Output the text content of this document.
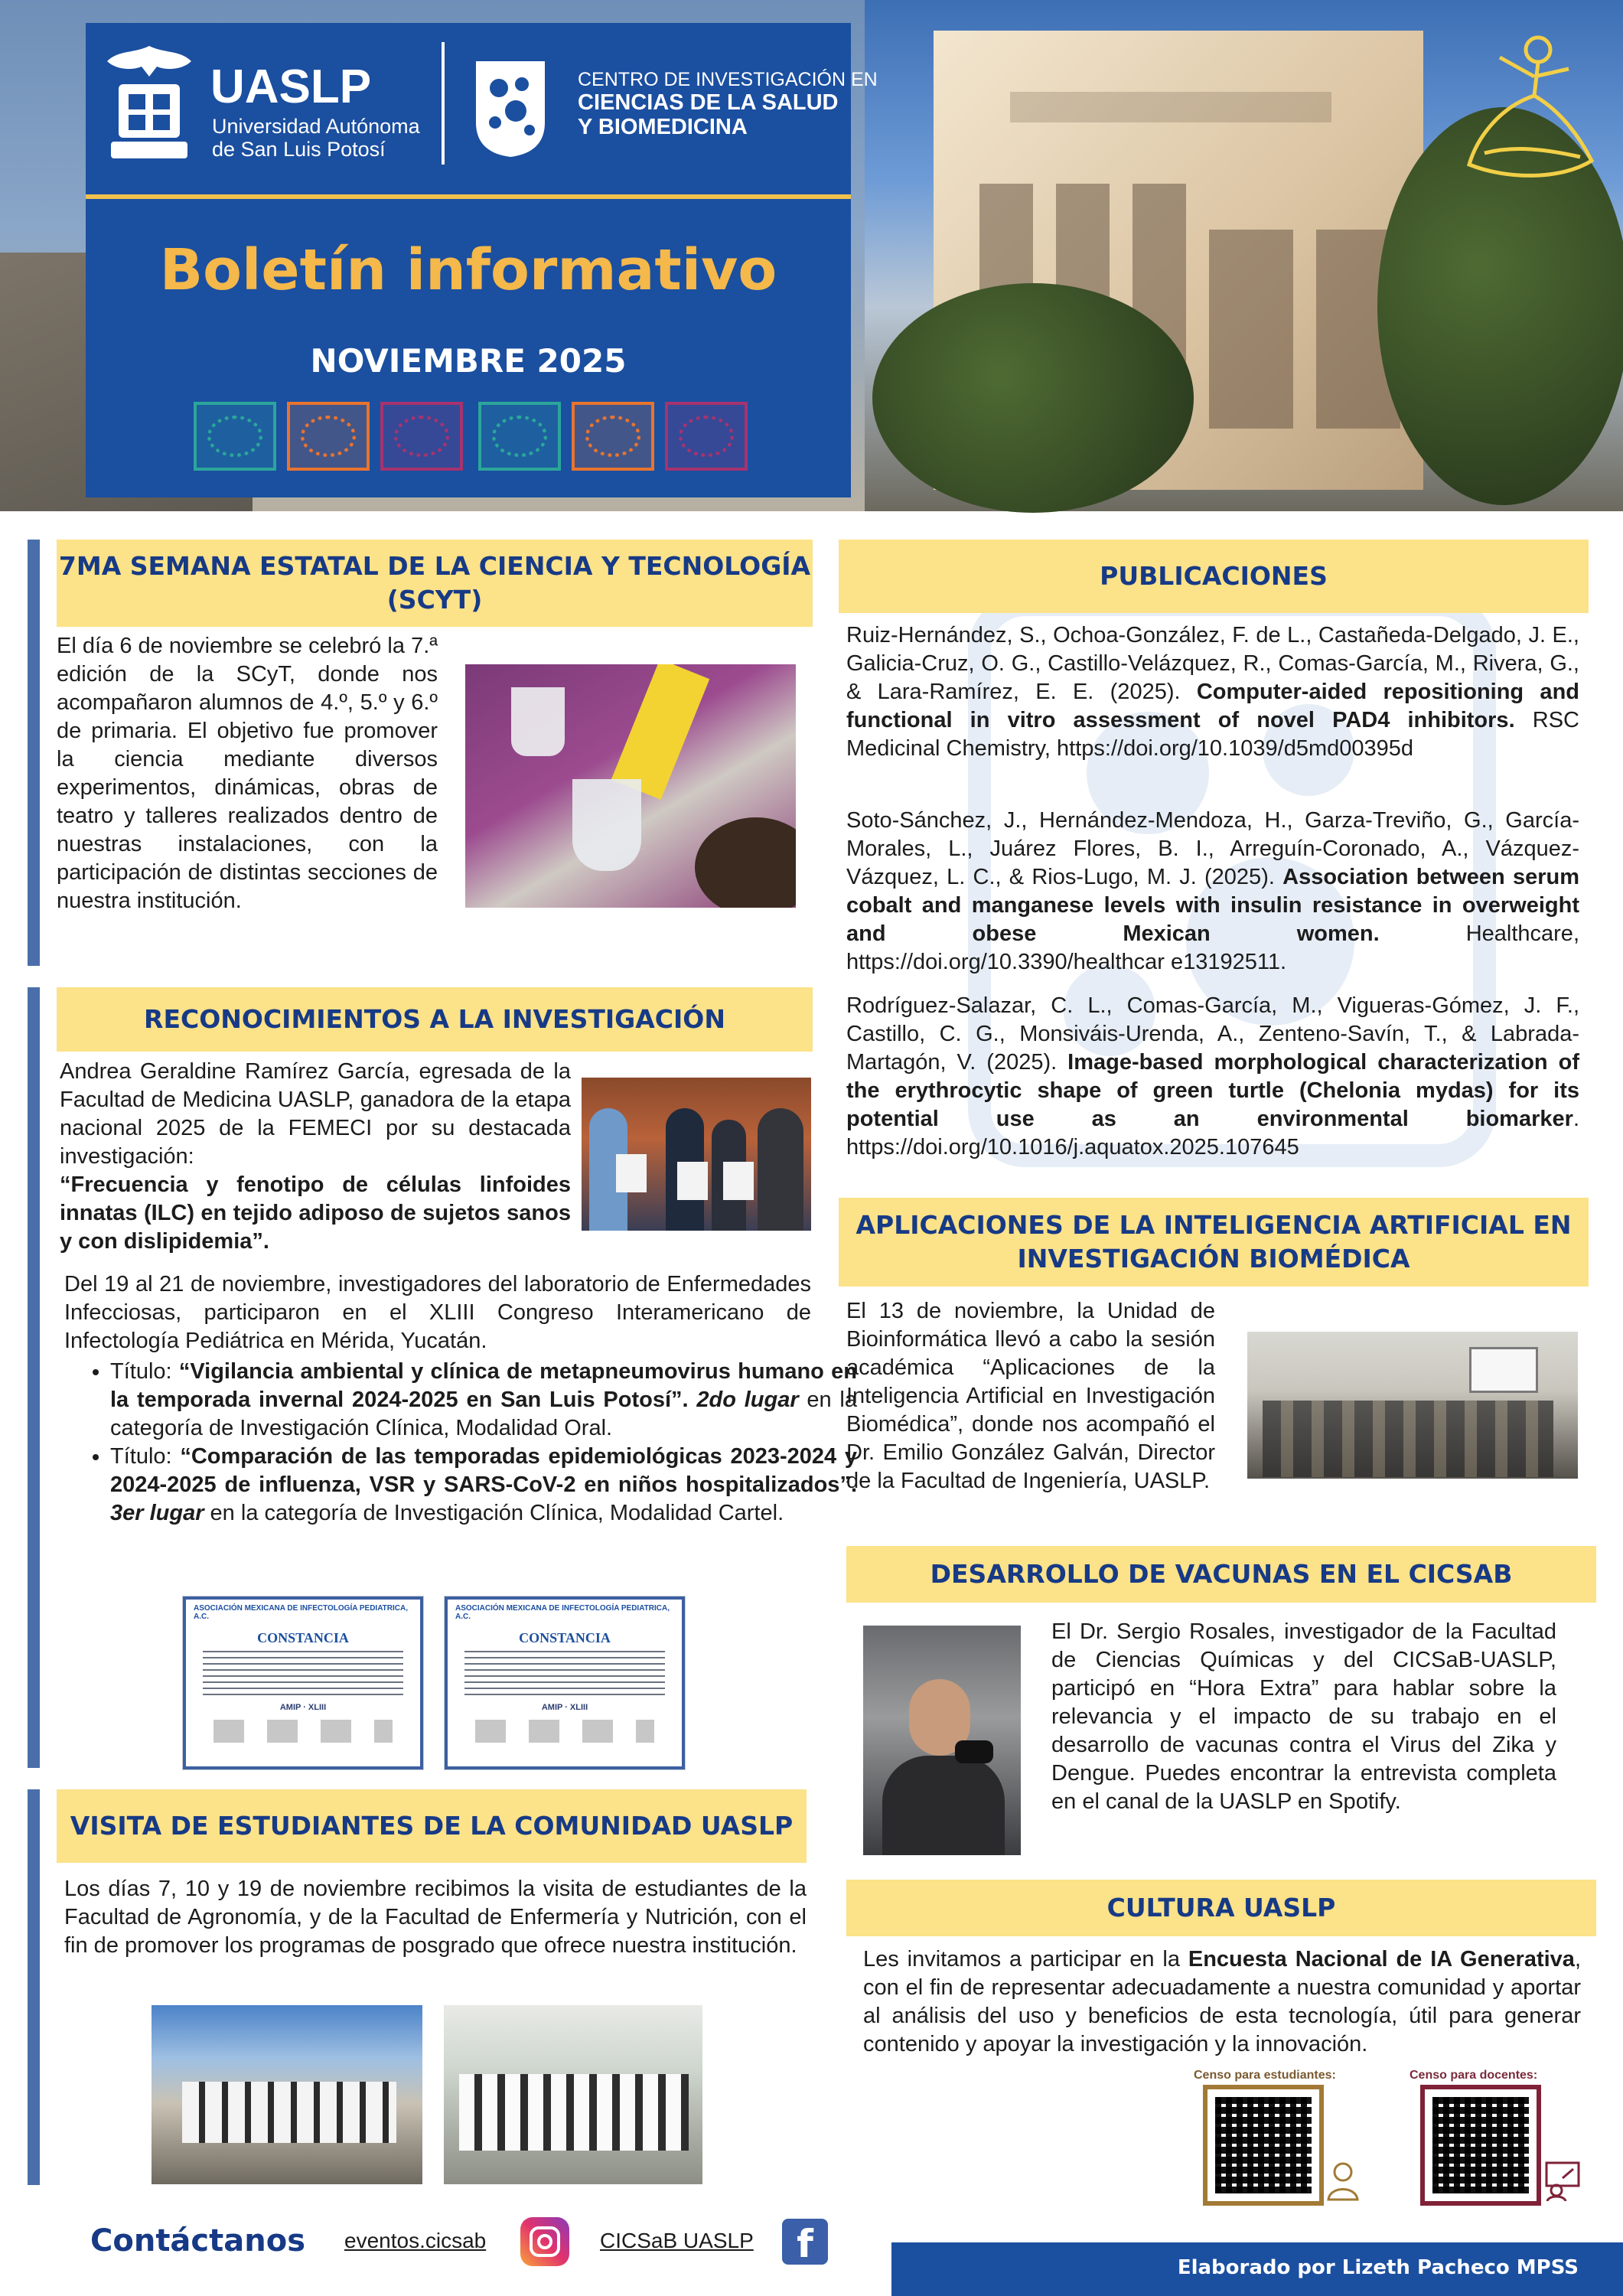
UASLP
Universidad Autónoma de San Luis Potosí
CENTRO DE INVESTIGACIÓN EN
CIENCIAS DE LA SALUD Y BIOMEDICINA
Boletín informativo
NOVIEMBRE 2025
7MA SEMANA ESTATAL DE LA CIENCIA Y TECNOLOGÍA (SCYT)
El día 6 de noviembre se celebró la 7.ª edición de la SCyT, donde nos acompañaron alumnos de 4.º, 5.º y 6.º de primaria. El objetivo fue promover la ciencia mediante diversos experimentos, dinámicas, obras de teatro y talleres realizados dentro de nuestras instalaciones, con la participación de distintas secciones de nuestra institución.
RECONOCIMIENTOS A LA INVESTIGACIÓN
Andrea Geraldine Ramírez García, egresada de la Facultad de Medicina UASLP, ganadora de la etapa nacional 2025 de la FEMECI por su destacada investigación:
“Frecuencia y fenotipo de células linfoides innatas (ILC) en tejido adiposo de sujetos sanos y con dislipidemia”.
Del 19 al 21 de noviembre, investigadores del laboratorio de Enfermedades Infecciosas, participaron en el XLIII Congreso Interamericano de Infectología Pediátrica en Mérida, Yucatán.
• Título: “Vigilancia ambiental y clínica de metapneumovirus humano en la temporada invernal 2024-2025 en San Luis Potosí”. 2do lugar en la categoría de Investigación Clínica, Modalidad Oral.
• Título: “Comparación de las temporadas epidemiológicas 2023-2024 y 2024-2025 de influenza, VSR y SARS-CoV-2 en niños hospitalizados”. 3er lugar en la categoría de Investigación Clínica, Modalidad Cartel.
ASOCIACIÓN MEXICANA DE INFECTOLOGÍA PEDIATRICA, A.C.
CONSTANCIA
AMIP · XLIII
ASOCIACIÓN MEXICANA DE INFECTOLOGÍA PEDIATRICA, A.C.
CONSTANCIA
AMIP · XLIII
VISITA DE ESTUDIANTES DE LA COMUNIDAD UASLP
Los días 7, 10 y 19 de noviembre recibimos la visita de estudiantes de la Facultad de Agronomía, y de la Facultad de Enfermería y Nutrición, con el fin de promover los programas de posgrado que ofrece nuestra institución.
PUBLICACIONES
Ruiz-Hernández, S., Ochoa-González, F. de L., Castañeda-Delgado, J. E., Galicia-Cruz, O. G., Castillo-Velázquez, R., Comas-García, M., Rivera, G., & Lara-Ramírez, E. E. (2025). Computer-aided repositioning and functional in vitro assessment of novel PAD4 inhibitors. RSC Medicinal Chemistry, https://doi.org/10.1039/d5md00395d
Soto-Sánchez, J., Hernández-Mendoza, H., Garza-Treviño, G., García-Morales, L., Juárez Flores, B. I., Arreguín-Coronado, A., Vázquez-Vázquez, L. C., & Rios-Lugo, M. J. (2025). Association between serum cobalt and manganese levels with insulin resistance in overweight and obese Mexican women. Healthcare, https://doi.org/10.3390/healthcar e13192511.
Rodríguez-Salazar, C. L., Comas-García, M., Vigueras-Gómez, J. F., Castillo, C. G., Monsiváis-Urenda, A., Zenteno-Savín, T., & Labrada-Martagón, V. (2025). Image-based morphological characterization of the erythrocytic shape of green turtle (Chelonia mydas) for its potential use as an environmental biomarker. https://doi.org/10.1016/j.aquatox.2025.107645
APLICACIONES DE LA INTELIGENCIA ARTIFICIAL EN INVESTIGACIÓN BIOMÉDICA
El 13 de noviembre, la Unidad de Bioinformática llevó a cabo la sesión académica “Aplicaciones de la Inteligencia Artificial en Investigación Biomédica”, donde nos acompañó el Dr. Emilio González Galván, Director de la Facultad de Ingeniería, UASLP.
DESARROLLO DE VACUNAS EN EL CICSAB
El Dr. Sergio Rosales, investigador de la Facultad de Ciencias Químicas y del CICSaB-UASLP, participó en “Hora Extra” para hablar sobre la relevancia y el impacto de su trabajo en el desarrollo de vacunas contra el Virus del Zika y Dengue. Puedes encontrar la entrevista completa en el canal de la UASLP en Spotify.
CULTURA UASLP
Les invitamos a participar en la Encuesta Nacional de IA Generativa, con el fin de representar adecuadamente a nuestra comunidad y aportar al análisis del uso y beneficios de esta tecnología, útil para generar contenido y apoyar la investigación y la innovación.
Censo para estudiantes:	Censo para docentes:
Contáctanos eventos.cicsab	CICSaB UASLP	f
Elaborado por Lizeth Pacheco MPSS
